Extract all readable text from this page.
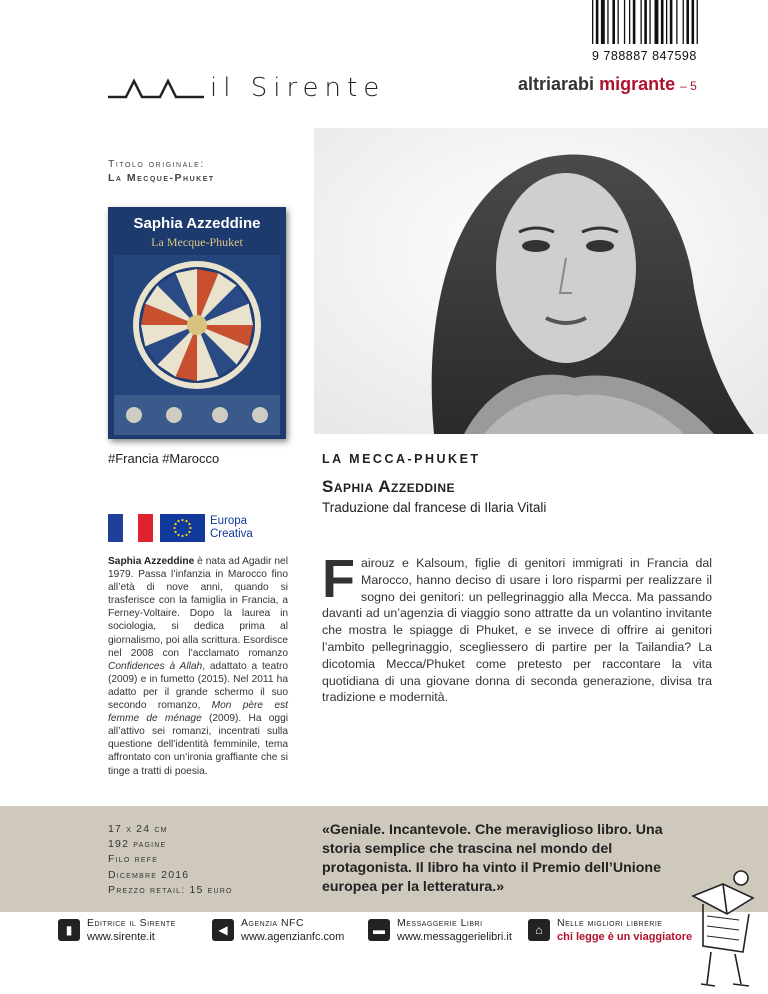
9 788887 847598
il Sirente	altriarabi migrante – 5
Titolo originale:
La Mecque-Phuket
Saphia Azzeddine
La Mecque-Phuket
#Francia #Marocco	LA MECCA-PHUKET
Saphia Azzeddine
Traduzione dal francese di Ilaria Vitali
Europa
Creativa
Saphia Azzeddine è nata ad Agadir nel 1979. Passa l’infanzia in Marocco fino all’età di nove anni, quando si trasferisce con la famiglia in Francia, a Ferney-Voltaire. Dopo la laurea in sociologia, si dedica prima al giornalismo, poi alla scrittura. Esordisce nel 2008 con l’acclamato romanzo Confidences à Allah, adattato a teatro (2009) e in fumetto (2015). Nel 2011 ha adatto per il grande schermo il suo secondo romanzo, Mon père est femme de ménage (2009). Ha oggi all’attivo sei romanzi, incentrati sulla questione dell’identità femminile, tema affrontato con un’ironia graffiante che si tinge a tratti di poesia.
Fairouz e Kalsoum, figlie di genitori immigrati in Francia dal Marocco, hanno deciso di usare i loro risparmi per realizzare il sogno dei genitori: un pellegrinaggio alla Mecca. Ma passando davanti ad un’agenzia di viaggio sono attratte da un volantino invitante che mostra le spiagge di Phuket, e se invece di offrire ai genitori l’ambito pellegrinaggio, scegliessero di partire per la Tailandia? La dicotomia Mecca/Phuket come pretesto per raccontare la vita quotidiana di una giovane donna di seconda generazione, divisa tra tradizione e modernità.
17 x 24 cm
192 pagine
Filo refe
Dicembre 2016
Prezzo retail: 15 euro
«Geniale. Incantevole. Che meraviglioso libro. Una storia semplice che trascina nel mondo del protagonista. Il libro ha vinto il Premio dell’Unione europea per la letteratura.»
▮	Editrice il Sirente
www.sirente.it	◀	Agenzia NFC
www.agenzianfc.com	▬	Messaggerie Libri
www.messaggerielibri.it	⌂	Nelle migliori librerie
chi legge è un viaggiatore
